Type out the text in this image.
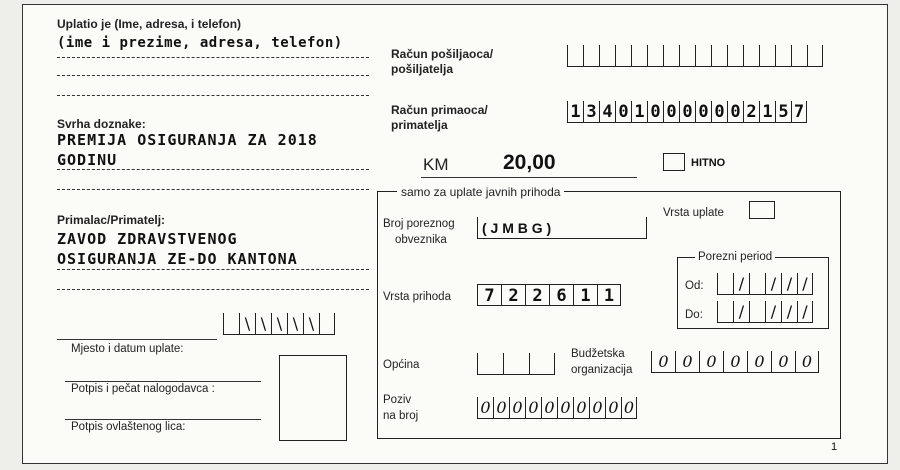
Uplatio je (Ime, adresa, i telefon)
(ime i prezime, adresa, telefon)
Svrha doznake:
PREMIJA OSIGURANJA ZA 2018
GODINU
Primalac/Primatelj:
ZAVOD ZDRAVSTVENOG
OSIGURANJA ZE-DO KANTONA
\ \ \ \ \
Mjesto i datum uplate:
Potpis i pečat nalogodavca :
Potpis ovlaštenog lica:
Račun pošiljaoca/
pošiljatelja
Račun primaoca/
primatelja
1 3 4 0 1 0 0 0 0 0 0 2 1 5 7
KM	20,00	HITNO
samo za uplate javnih prihoda
Vrsta uplate
Broj poreznog
obveznika
( J M B G )
Porezni period
Od:	/	/ / /
Do:	/	/ / /
Vrsta prihoda	7 2 2 6 1 1
Općina
Budžetska
organizacija	0 0 0 0 0 0 0
Poziv
na broj	0 0 0 0 0 0 0 0 0 0
1
